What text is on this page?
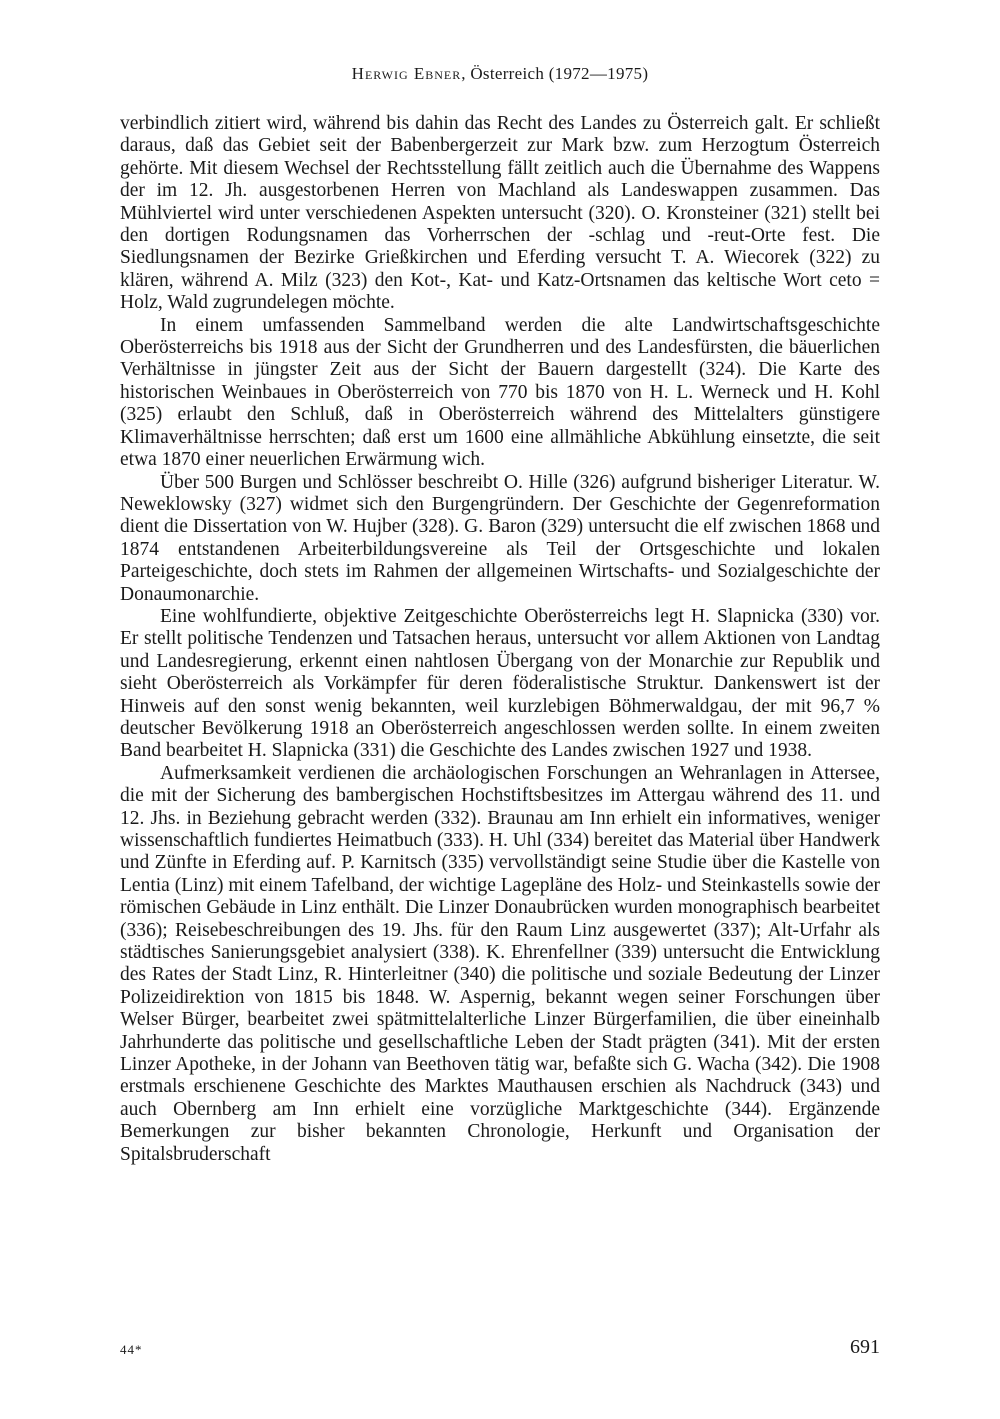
Herwig Ebner, Österreich (1972—1975)

verbindlich zitiert wird, während bis dahin das Recht des Landes zu Österreich galt. Er schließt daraus, daß das Gebiet seit der Babenbergerzeit zur Mark bzw. zum Herzogtum Österreich gehörte. Mit diesem Wechsel der Rechtsstellung fällt zeitlich auch die Übernahme des Wappens der im 12. Jh. ausgestorbenen Herren von Machland als Landeswappen zusammen. Das Mühlviertel wird unter verschiedenen Aspekten untersucht (320). O. Kronsteiner (321) stellt bei den dortigen Rodungsnamen das Vorherrschen der -schlag und -reut-Orte fest. Die Siedlungsnamen der Bezirke Grießkirchen und Eferding versucht T. A. Wiecorek (322) zu klären, während A. Milz (323) den Kot-, Kat- und Katz-Ortsnamen das keltische Wort ceto = Holz, Wald zugrundelegen möchte.

In einem umfassenden Sammelband werden die alte Landwirtschaftsgeschichte Oberösterreichs bis 1918 aus der Sicht der Grundherren und des Landesfürsten, die bäuerlichen Verhältnisse in jüngster Zeit aus der Sicht der Bauern dargestellt (324). Die Karte des historischen Weinbaues in Oberösterreich von 770 bis 1870 von H. L. Werneck und H. Kohl (325) erlaubt den Schluß, daß in Oberösterreich während des Mittelalters günstigere Klimaverhältnisse herrschten; daß erst um 1600 eine allmähliche Abkühlung einsetzte, die seit etwa 1870 einer neuerlichen Erwärmung wich.

Über 500 Burgen und Schlösser beschreibt O. Hille (326) aufgrund bisheriger Literatur. W. Neweklowsky (327) widmet sich den Burgengründern. Der Geschichte der Gegenreformation dient die Dissertation von W. Hujber (328). G. Baron (329) untersucht die elf zwischen 1868 und 1874 entstandenen Arbeiterbildungsvereine als Teil der Ortsgeschichte und lokalen Parteigeschichte, doch stets im Rahmen der allgemeinen Wirtschafts- und Sozialgeschichte der Donaumonarchie.

Eine wohlfundierte, objektive Zeitgeschichte Oberösterreichs legt H. Slapnicka (330) vor. Er stellt politische Tendenzen und Tatsachen heraus, untersucht vor allem Aktionen von Landtag und Landesregierung, erkennt einen nahtlosen Übergang von der Monarchie zur Republik und sieht Oberösterreich als Vorkämpfer für deren föderalistische Struktur. Dankenswert ist der Hinweis auf den sonst wenig bekannten, weil kurzlebigen Böhmerwaldgau, der mit 96,7 % deutscher Bevölkerung 1918 an Oberösterreich angeschlossen werden sollte. In einem zweiten Band bearbeitet H. Slapnicka (331) die Geschichte des Landes zwischen 1927 und 1938.

Aufmerksamkeit verdienen die archäologischen Forschungen an Wehranlagen in Attersee, die mit der Sicherung des bambergischen Hochstiftsbesitzes im Attergau während des 11. und 12. Jhs. in Beziehung gebracht werden (332). Braunau am Inn erhielt ein informatives, weniger wissenschaftlich fundiertes Heimatbuch (333). H. Uhl (334) bereitet das Material über Handwerk und Zünfte in Eferding auf. P. Karnitsch (335) vervollständigt seine Studie über die Kastelle von Lentia (Linz) mit einem Tafelband, der wichtige Lagepläne des Holz- und Steinkastells sowie der römischen Gebäude in Linz enthält. Die Linzer Donaubrücken wurden monographisch bearbeitet (336); Reisebeschreibungen des 19. Jhs. für den Raum Linz ausgewertet (337); Alt-Urfahr als städtisches Sanierungsgebiet analysiert (338). K. Ehrenfellner (339) untersucht die Entwicklung des Rates der Stadt Linz, R. Hinterleitner (340) die politische und soziale Bedeutung der Linzer Polizeidirektion von 1815 bis 1848. W. Aspernig, bekannt wegen seiner Forschungen über Welser Bürger, bearbeitet zwei spätmittelalterliche Linzer Bürgerfamilien, die über eineinhalb Jahrhunderte das politische und gesellschaftliche Leben der Stadt prägten (341). Mit der ersten Linzer Apotheke, in der Johann van Beethoven tätig war, befaßte sich G. Wacha (342). Die 1908 erstmals erschienene Geschichte des Marktes Mauthausen erschien als Nachdruck (343) und auch Obernberg am Inn erhielt eine vorzügliche Marktgeschichte (344). Ergänzende Bemerkungen zur bisher bekannten Chronologie, Herkunft und Organisation der Spitalsbruderschaft

44*	691
